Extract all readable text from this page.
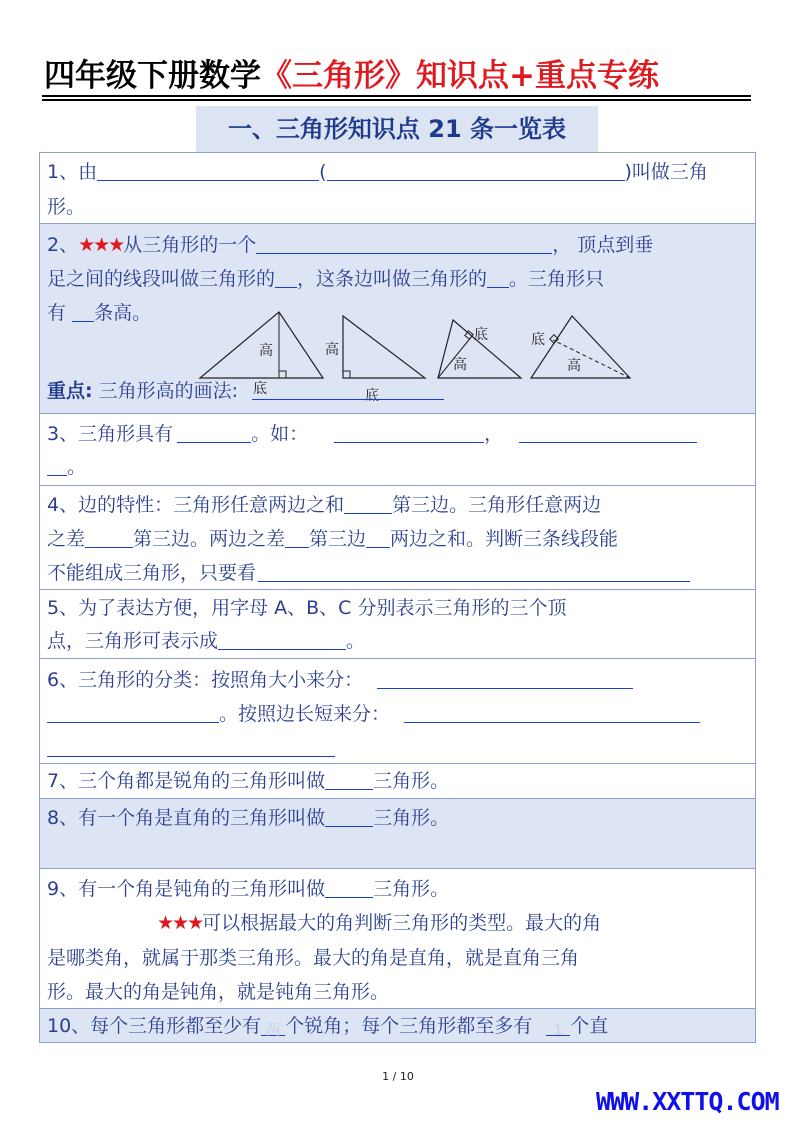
四年级下册数学《三角形》知识点+重点专练
一、三角形知识点 21 条一览表
1、由	(	)叫做三角
形。
2、★★★从三角形的一个	， 顶点到垂
足之间的线段叫做三角形的 ，这条边叫做三角形的 。三角形只
有 条高。
高
底
高
底
底
高
底
高
重点: 三角形高的画法:
3、三角形具有	。如：	，
。
4、边的特性：三角形任意两边之和	第三边。三角形任意两边
之差	第三边。两边之差 第三边 两边之和。判断三条线段能
不能组成三角形，只要看
5、为了表达方便，用字母 A、B、C 分别表示三角形的三个顶
点，三角形可表示成	。
6、三角形的分类：按照角大小来分：
。按照边长短来分：
7、三个角都是锐角的三角形叫做	三角形。
8、有一个角是直角的三角形叫做	三角形。
9、有一个角是钝角的三角形叫做	三角形。
★★★可以根据最大的角判断三角形的类型。最大的角
是哪类角，就属于那类三角形。最大的角是直角，就是直角三角
形。最大的角是钝角，就是钝角三角形。
10、每个三角形都至少有 两 个锐角；每个三角形都至多有 1 个直
1 / 10
WWW.XXTTQ.COM
